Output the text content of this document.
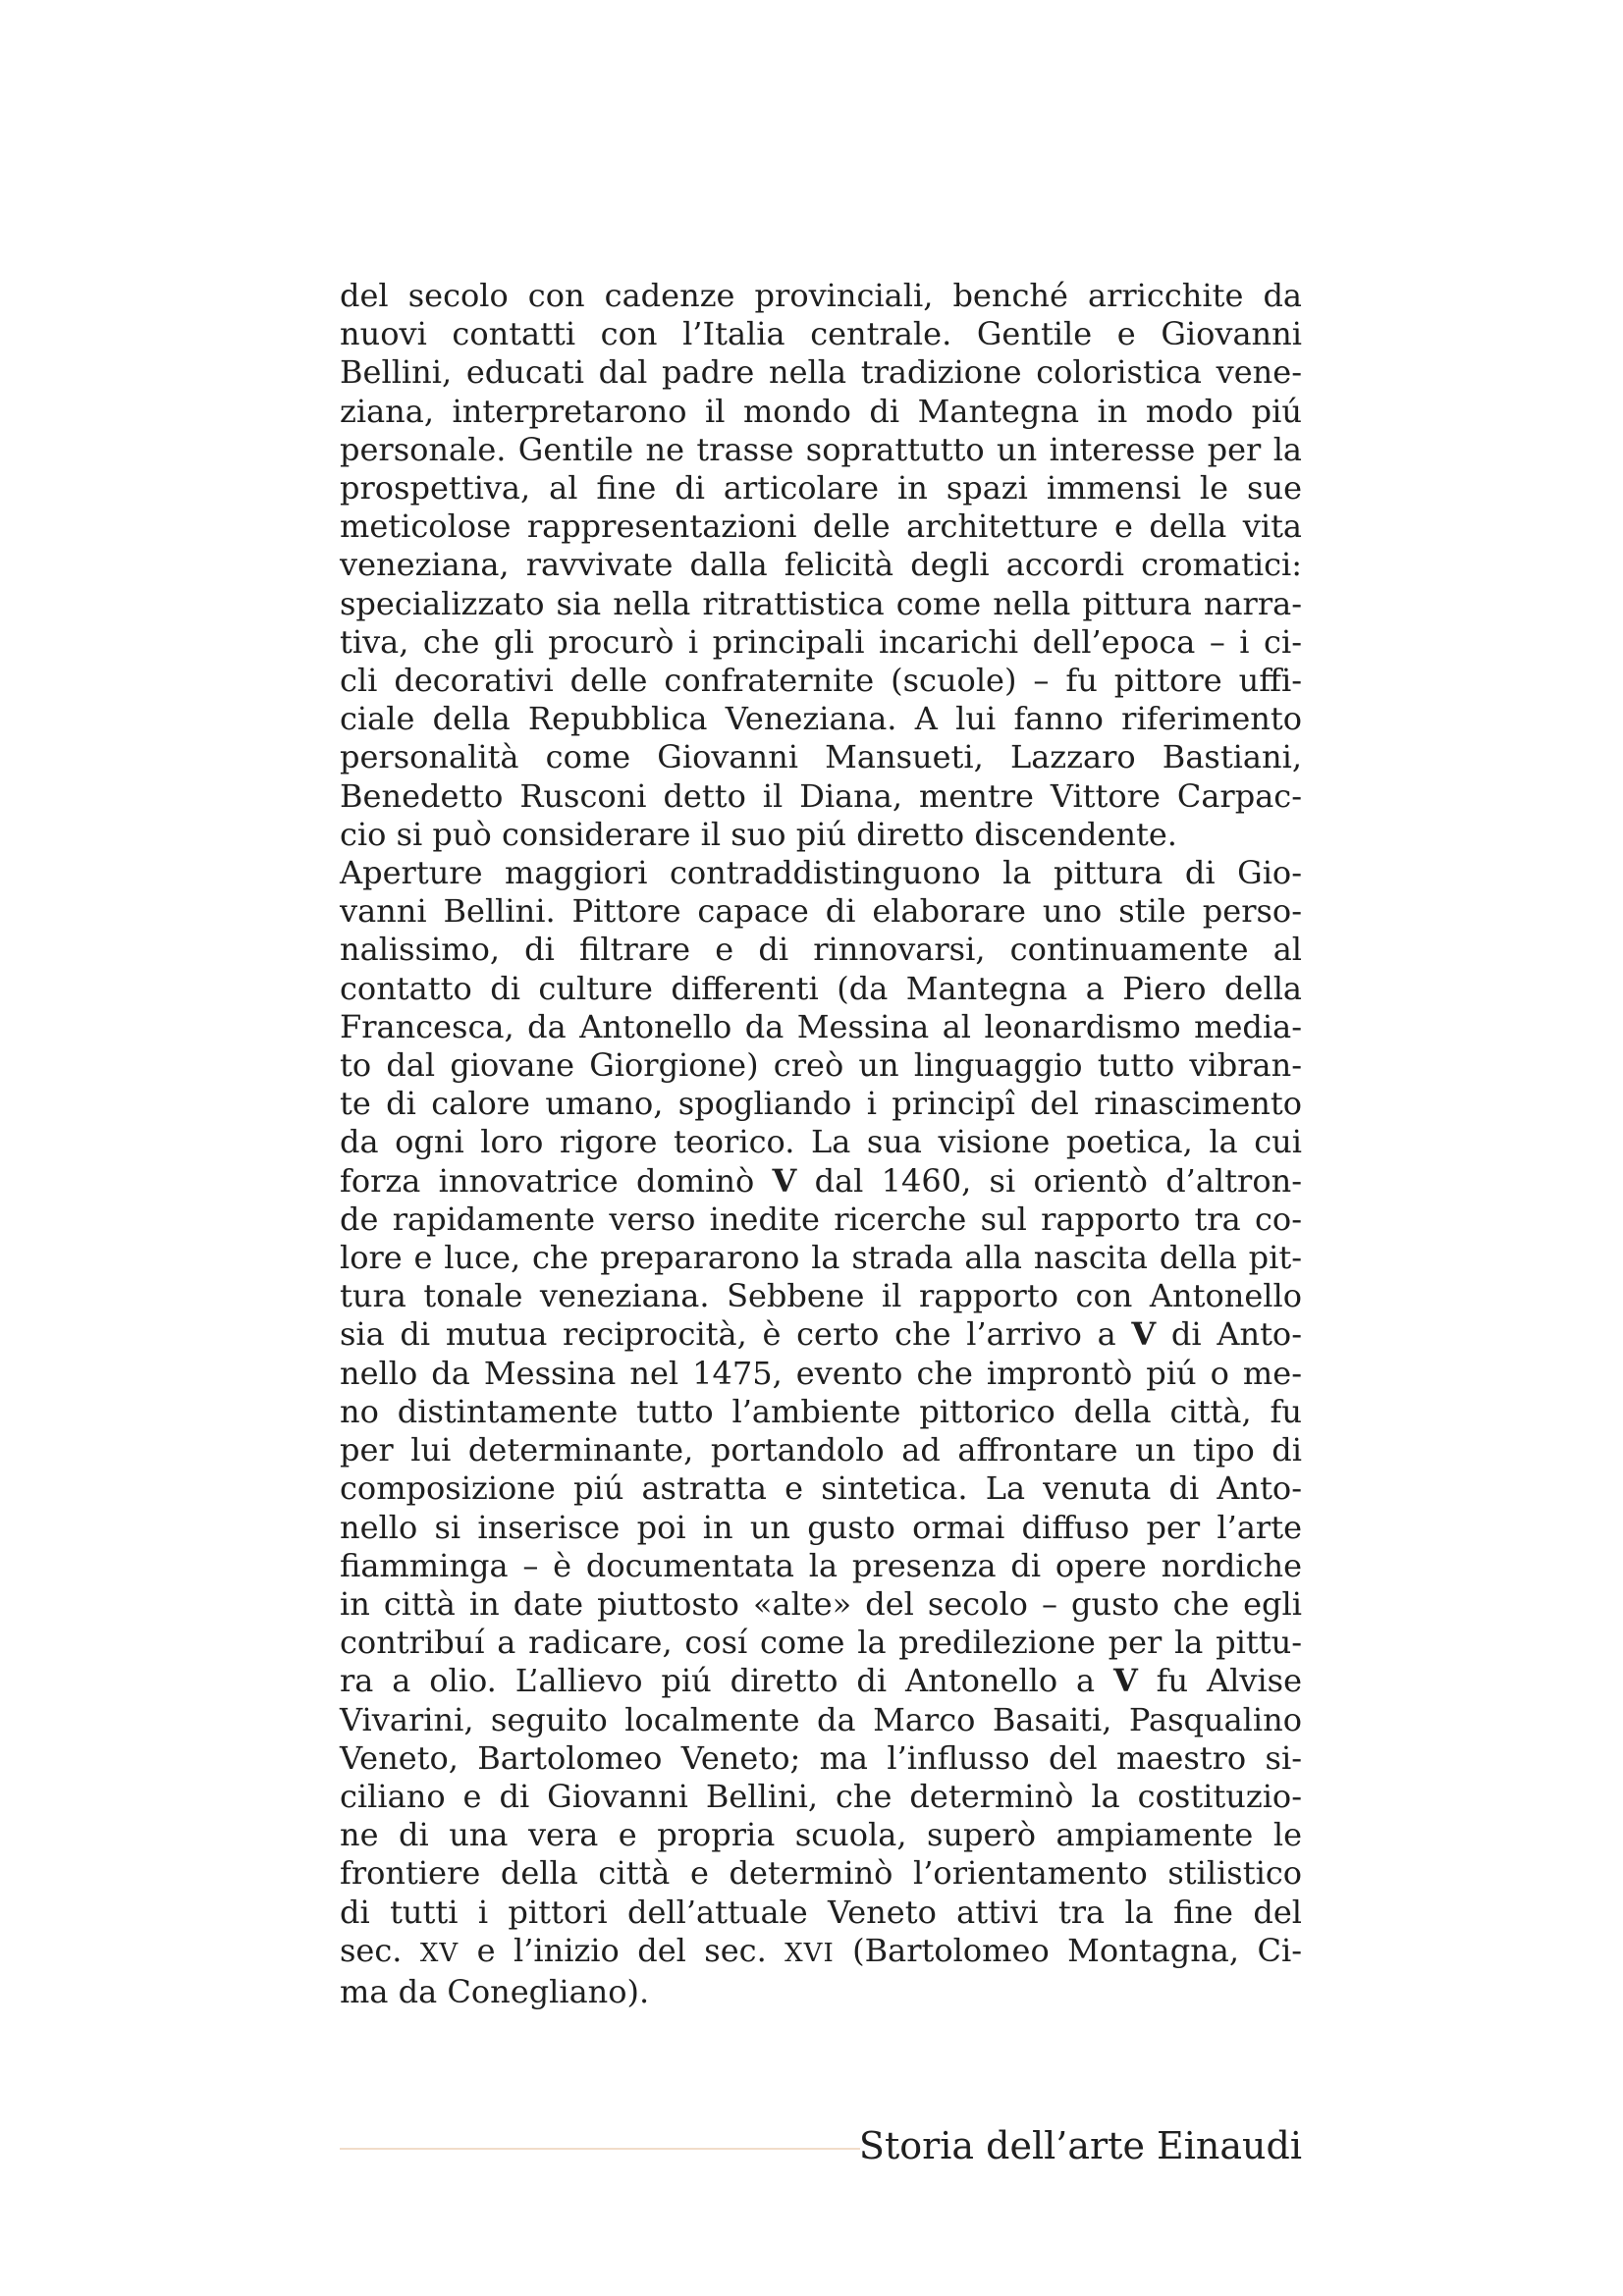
del secolo con cadenze provinciali, benché arricchite da
nuovi contatti con l’Italia centrale. Gentile e Giovanni
Bellini, educati dal padre nella tradizione coloristica vene-
ziana, interpretarono il mondo di Mantegna in modo piú
personale. Gentile ne trasse soprattutto un interesse per la
prospettiva, al fine di articolare in spazi immensi le sue
meticolose rappresentazioni delle architetture e della vita
veneziana, ravvivate dalla felicità degli accordi cromatici:
specializzato sia nella ritrattistica come nella pittura narra-
tiva, che gli procurò i principali incarichi dell’epoca – i ci-
cli decorativi delle confraternite (scuole) – fu pittore uffi-
ciale della Repubblica Veneziana. A lui fanno riferimento
personalità come Giovanni Mansueti, Lazzaro Bastiani,
Benedetto Rusconi detto il Diana, mentre Vittore Carpac-
cio si può considerare il suo piú diretto discendente.
Aperture maggiori contraddistinguono la pittura di Gio-
vanni Bellini. Pittore capace di elaborare uno stile perso-
nalissimo, di filtrare e di rinnovarsi, continuamente al
contatto di culture differenti (da Mantegna a Piero della
Francesca, da Antonello da Messina al leonardismo media-
to dal giovane Giorgione) creò un linguaggio tutto vibran-
te di calore umano, spogliando i principî del rinascimento
da ogni loro rigore teorico. La sua visione poetica, la cui
forza innovatrice dominò V dal 1460, si orientò d’altron-
de rapidamente verso inedite ricerche sul rapporto tra co-
lore e luce, che prepararono la strada alla nascita della pit-
tura tonale veneziana. Sebbene il rapporto con Antonello
sia di mutua reciprocità, è certo che l’arrivo a V di Anto-
nello da Messina nel 1475, evento che improntò piú o me-
no distintamente tutto l’ambiente pittorico della città, fu
per lui determinante, portandolo ad affrontare un tipo di
composizione piú astratta e sintetica. La venuta di Anto-
nello si inserisce poi in un gusto ormai diffuso per l’arte
fiamminga – è documentata la presenza di opere nordiche
in città in date piuttosto «alte» del secolo – gusto che egli
contribuí a radicare, cosí come la predilezione per la pittu-
ra a olio. L’allievo piú diretto di Antonello a V fu Alvise
Vivarini, seguito localmente da Marco Basaiti, Pasqualino
Veneto, Bartolomeo Veneto; ma l’influsso del maestro si-
ciliano e di Giovanni Bellini, che determinò la costituzio-
ne di una vera e propria scuola, superò ampiamente le
frontiere della città e determinò l’orientamento stilistico
di tutti i pittori dell’attuale Veneto attivi tra la fine del
sec. XV e l’inizio del sec. XVI (Bartolomeo Montagna, Ci-
ma da Conegliano).
Storia dell’arte Einaudi
